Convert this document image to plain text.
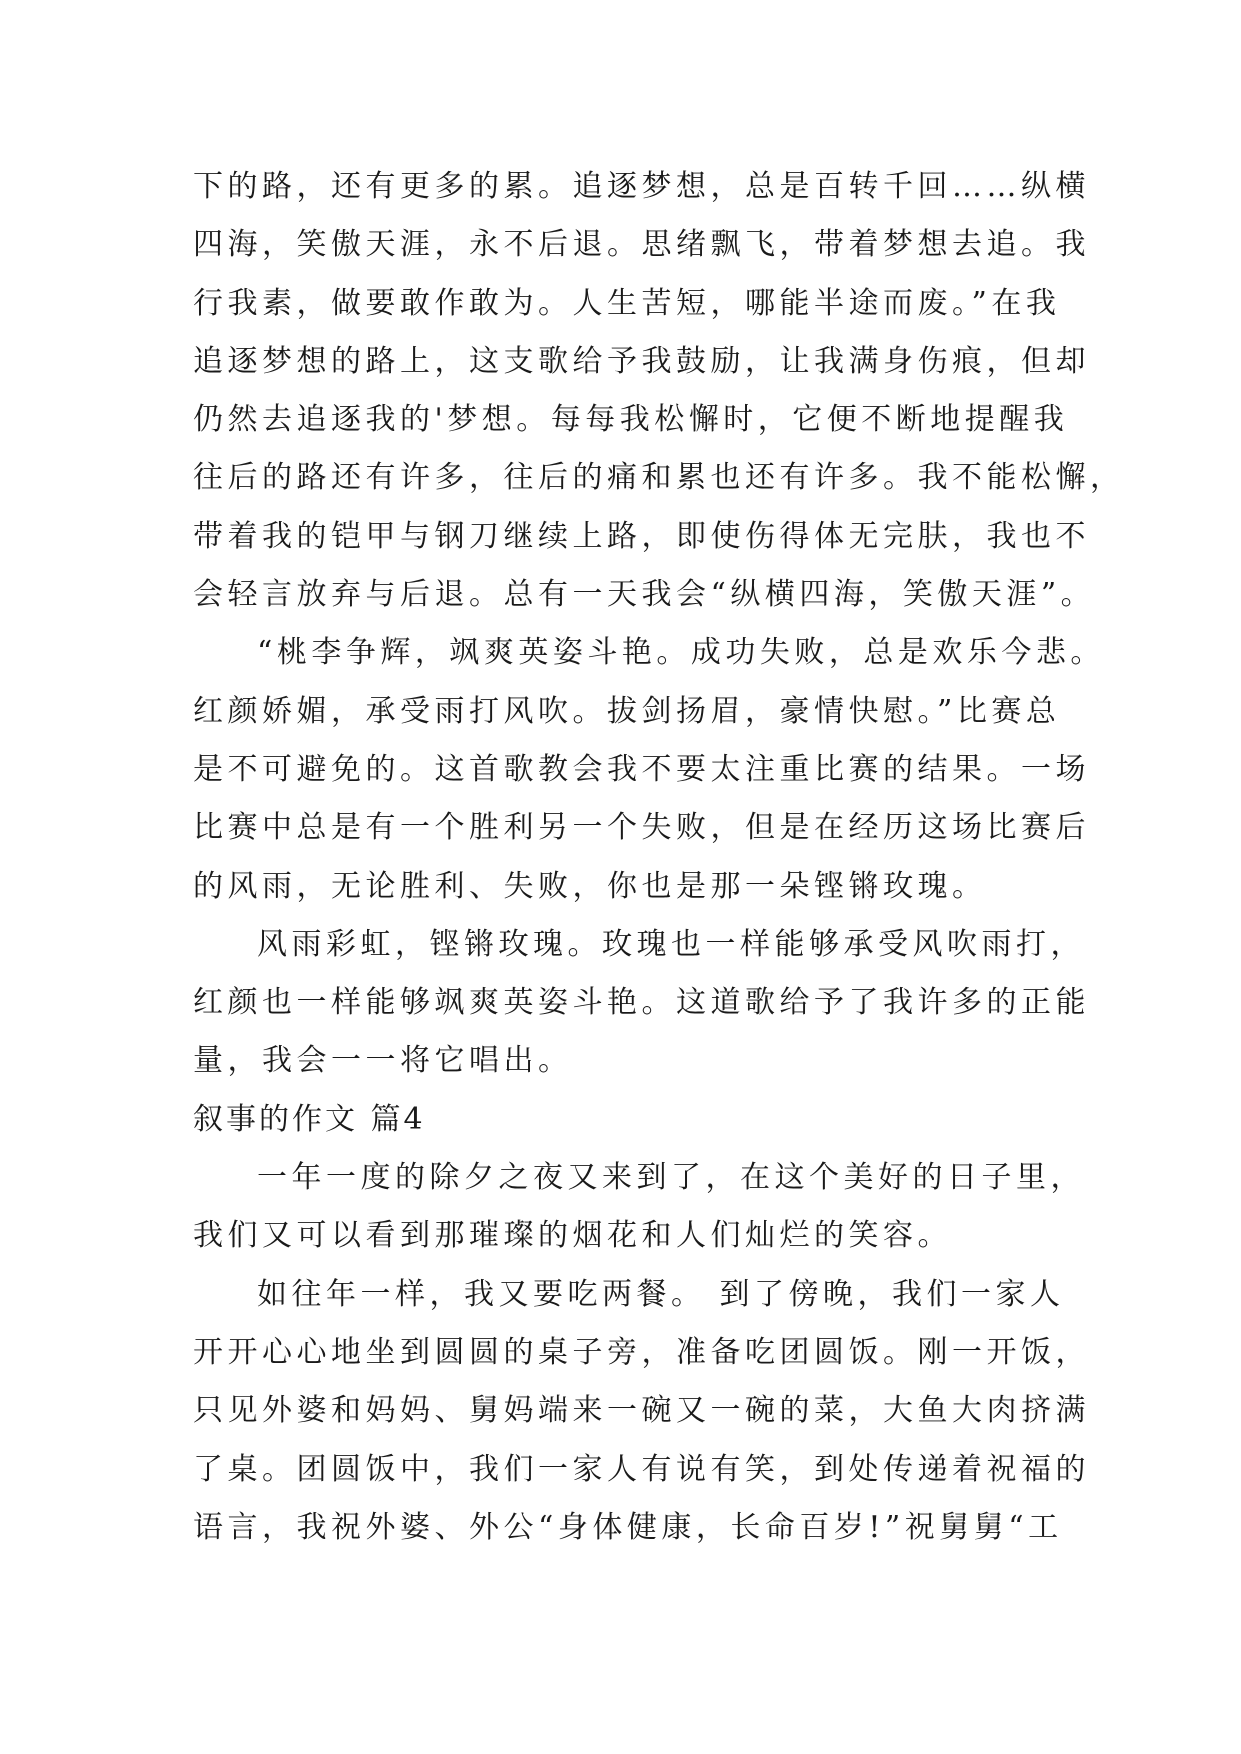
下的路，还有更多的累。追逐梦想，总是百转千回……纵横
四海，笑傲天涯，永不后退。思绪飘飞，带着梦想去追。我
行我素，做要敢作敢为。人生苦短，哪能半途而废。”在我
追逐梦想的路上，这支歌给予我鼓励，让我满身伤痕，但却
仍然去追逐我的'梦想。每每我松懈时，它便不断地提醒我
往后的路还有许多，往后的痛和累也还有许多。我不能松懈，
带着我的铠甲与钢刀继续上路，即使伤得体无完肤，我也不
会轻言放弃与后退。总有一天我会“纵横四海，笑傲天涯”。
“桃李争辉，飒爽英姿斗艳。成功失败，总是欢乐今悲。
红颜娇媚，承受雨打风吹。拔剑扬眉，豪情快慰。”比赛总
是不可避免的。这首歌教会我不要太注重比赛的结果。一场
比赛中总是有一个胜利另一个失败，但是在经历这场比赛后
的风雨，无论胜利、失败，你也是那一朵铿锵玫瑰。
风雨彩虹，铿锵玫瑰。玫瑰也一样能够承受风吹雨打，
红颜也一样能够飒爽英姿斗艳。这道歌给予了我许多的正能
量，我会一一将它唱出。
叙事的作文 篇4
一年一度的除夕之夜又来到了，在这个美好的日子里，
我们又可以看到那璀璨的烟花和人们灿烂的笑容。
如往年一样，我又要吃两餐。 到了傍晚，我们一家人
开开心心地坐到圆圆的桌子旁，准备吃团圆饭。刚一开饭，
只见外婆和妈妈、舅妈端来一碗又一碗的菜，大鱼大肉挤满
了桌。团圆饭中，我们一家人有说有笑，到处传递着祝福的
语言，我祝外婆、外公“身体健康，长命百岁!”祝舅舅“工
